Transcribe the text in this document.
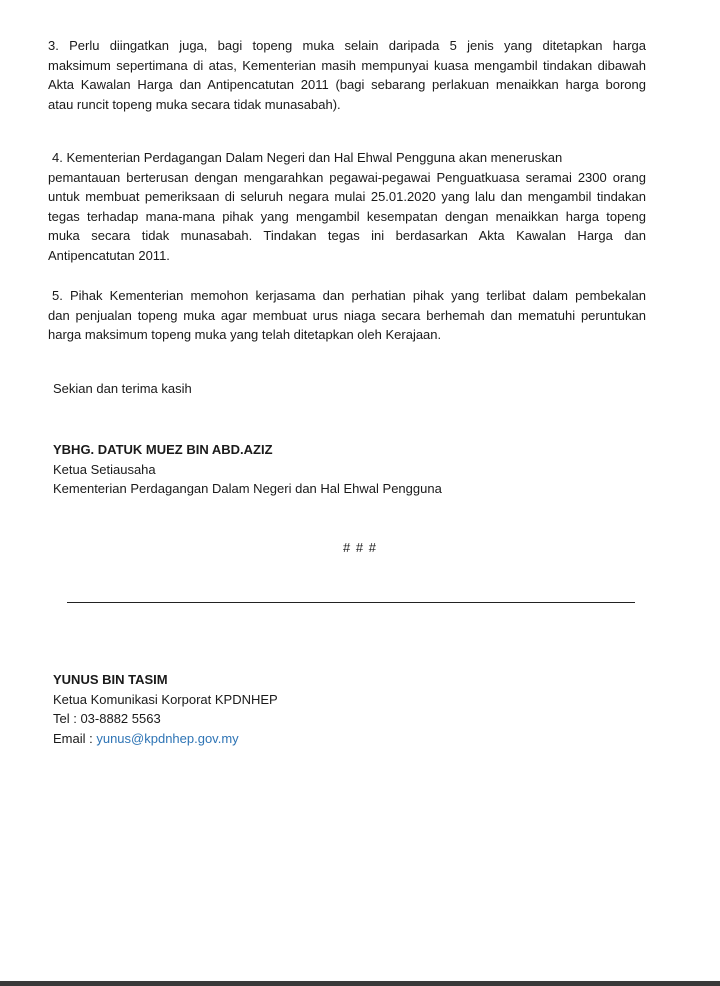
3. Perlu diingatkan juga, bagi topeng muka selain daripada 5 jenis yang ditetapkan harga
maksimum sepertimana di atas, Kementerian masih mempunyai kuasa mengambil tindakan dibawah
Akta Kawalan Harga dan Antipencatutan 2011 (bagi sebarang perlakuan menaikkan harga borong
atau runcit topeng muka secara tidak munasabah).
4. Kementerian Perdagangan Dalam Negeri dan Hal Ehwal Pengguna akan meneruskan
pemantauan berterusan dengan mengarahkan pegawai-pegawai Penguatkuasa seramai 2300 orang
untuk membuat pemeriksaan di seluruh negara mulai 25.01.2020 yang lalu dan mengambil tindakan
tegas terhadap mana-mana pihak yang mengambil kesempatan dengan menaikkan harga topeng
muka secara tidak munasabah. Tindakan tegas ini berdasarkan Akta Kawalan Harga dan
Antipencatutan 2011.
5. Pihak Kementerian memohon kerjasama dan perhatian pihak yang terlibat dalam pembekalan
dan penjualan topeng muka agar membuat urus niaga secara berhemah dan mematuhi peruntukan
harga maksimum topeng muka yang telah ditetapkan oleh Kerajaan.
Sekian dan terima kasih
YBHG. DATUK MUEZ BIN ABD.AZIZ
Ketua Setiausaha
Kementerian Perdagangan Dalam Negeri dan Hal Ehwal Pengguna
# # #
YUNUS BIN TASIM
Ketua Komunikasi Korporat KPDNHEP
Tel : 03-8882 5563
Email : yunus@kpdnhep.gov.my
